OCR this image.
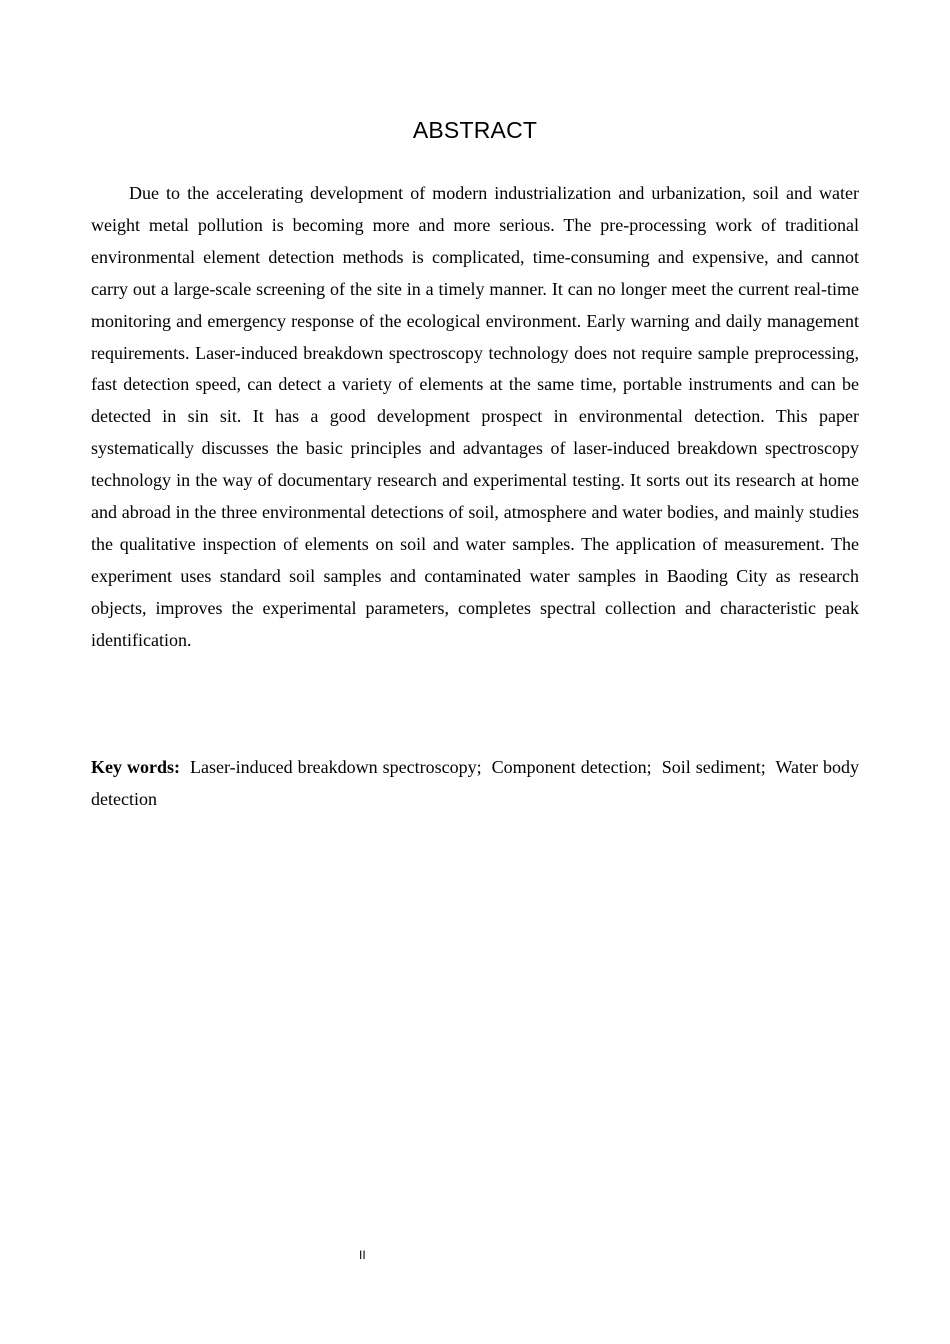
ABSTRACT

Due to the accelerating development of modern industrialization and urbanization, soil and water weight metal pollution is becoming more and more serious. The pre-processing work of traditional environmental element detection methods is complicated, time-consuming and expensive, and cannot carry out a large-scale screening of the site in a timely manner. It can no longer meet the current real-time monitoring and emergency response of the ecological environment. Early warning and daily management requirements. Laser-induced breakdown spectroscopy technology does not require sample preprocessing, fast detection speed, can detect a variety of elements at the same time, portable instruments and can be detected in sin sit. It has a good development prospect in environmental detection. This paper systematically discusses the basic principles and advantages of laser-induced breakdown spectroscopy technology in the way of documentary research and experimental testing. It sorts out its research at home and abroad in the three environmental detections of soil, atmosphere and water bodies, and mainly studies the qualitative inspection of elements on soil and water samples. The application of measurement. The experiment uses standard soil samples and contaminated water samples in Baoding City as research objects, improves the experimental parameters, completes spectral collection and characteristic peak identification.

Key words:  Laser-induced breakdown spectroscopy;  Component detection;  Soil sediment;  Water body detection

II
